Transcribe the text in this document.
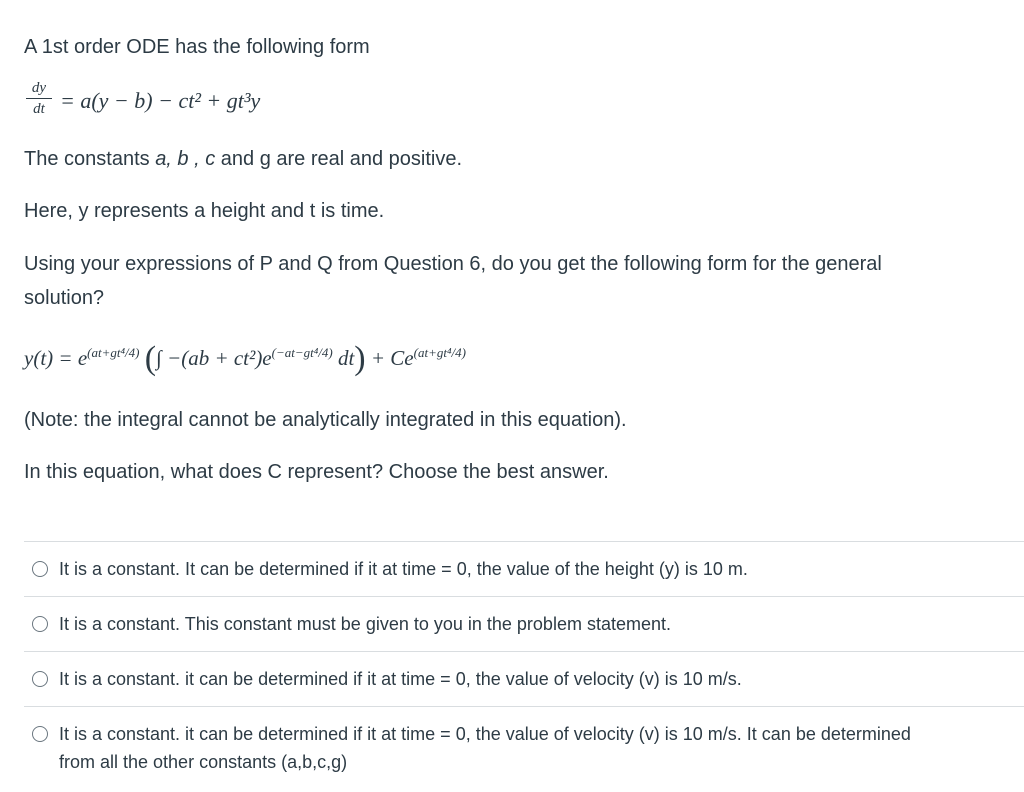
A 1st order ODE has the following form

$\frac{dy}{dt} = a(y - b) - ct^2 + gt^3y$

The constants a, b , c and g are real and positive.

Here, y represents a height and t is time.

Using your expressions of P and Q from Question 6, do you get the following form for the general

solution?

$y(t) = e^{(at+gt^4/4)}$ (∫ $-(ab + ct^2)e^{(-at-gt^4/4)}$ $dt) + Ce^{(at+gt^4/4)}$

(Note: the integral cannot be analytically integrated in this equation).

In this equation, what does C represent? Choose the best answer.

It is a constant. It can be determined if it at time = 0, the value of the height (y) is 10 m.
It is a constant. This constant must be given to you in the problem statement.
It is a constant. it can be determined if it at time = 0, the value of velocity (v) is 10 m/s.
It is a constant. it can be determined if it at time = 0, the value of velocity (v) is 10 m/s. It can be determined
from all the other constants (a,b,c,g)
